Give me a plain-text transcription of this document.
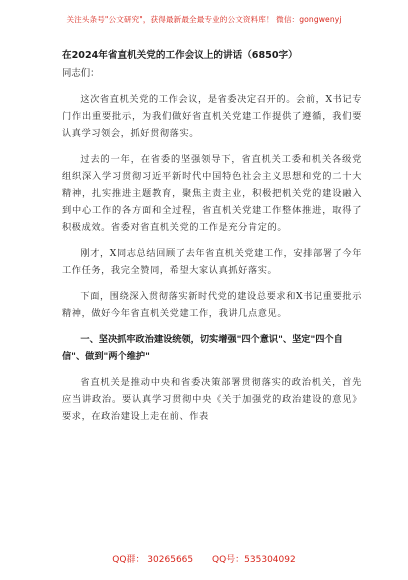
关注头条号"公文研究"，获得最新最全最专业的公文资料库！ 微信：gongwenyj
在2024年省直机关党的工作会议上的讲话（6850字）
同志们：

这次省直机关党的工作会议，是省委决定召开的。会前，X书记专门作出重要批示，为我们做好省直机关党建工作提供了遵循，我们要认真学习领会，抓好贯彻落实。

过去的一年，在省委的坚强领导下，省直机关工委和机关各级党组织深入学习贯彻习近平新时代中国特色社会主义思想和党的二十大精神，扎实推进主题教育，聚焦主责主业，积极把机关党的建设融入到中心工作的各方面和全过程，省直机关党建工作整体推进，取得了积极成效。省委对省直机关党的工作是充分肯定的。

刚才，X同志总结回顾了去年省直机关党建工作，安排部署了今年工作任务，我完全赞同，希望大家认真抓好落实。

下面，围绕深入贯彻落实新时代党的建设总要求和X书记重要批示精神，做好今年省直机关党建工作，我讲几点意见。

一、坚决抓牢政治建设统领，切实增强"四个意识"、坚定"四个自信"、做到"两个维护"

省直机关是推动中央和省委决策部署贯彻落实的政治机关，首先应当讲政治。要认真学习贯彻中央《关于加强党的政治建设的意见》要求，在政治建设上走在前、作表

QQ群： 30265665 QQ号：535304092
